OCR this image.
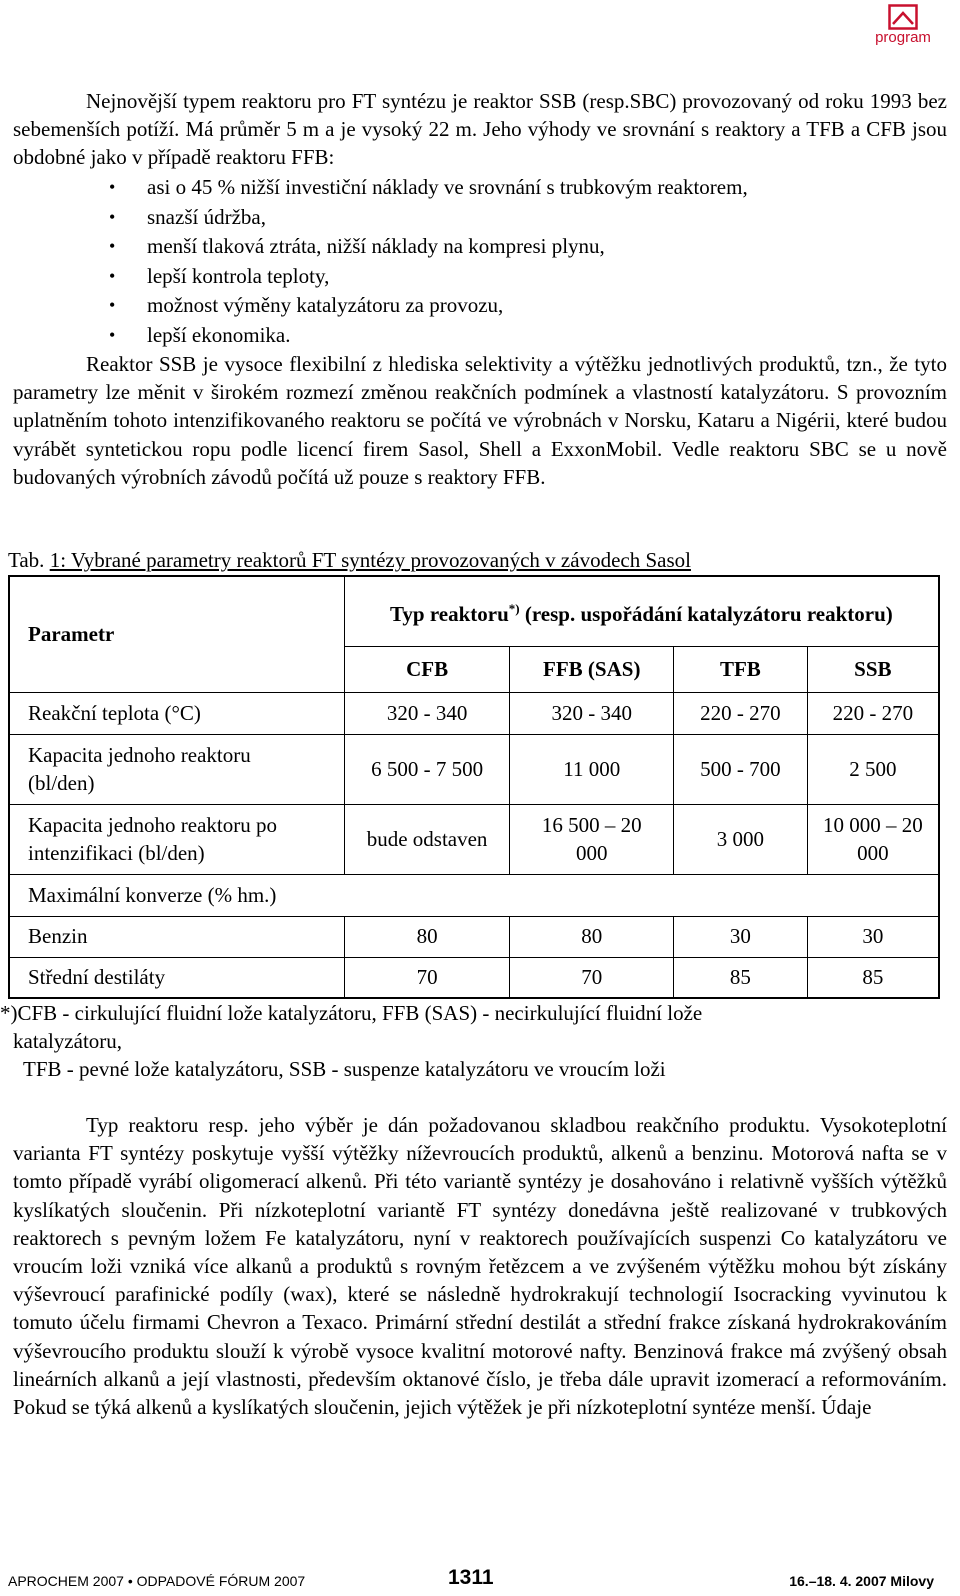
program

Nejnovější typem reaktoru pro FT syntézu je reaktor SSB (resp.SBC) provozovaný od roku 1993 bez sebemenších potíží. Má průměr 5 m a je vysoký 22 m. Jeho výhody ve srovnání s reaktory a TFB a CFB jsou obdobné jako v případě reaktoru FFB:

• asi o 45 % nižší investiční náklady ve srovnání s trubkovým reaktorem,
• snazší údržba,
• menší tlaková ztráta, nižší náklady na kompresi plynu,
• lepší kontrola teploty,
• možnost výměny katalyzátoru za provozu,
• lepší ekonomika.

Reaktor SSB je vysoce flexibilní z hlediska selektivity a výtěžku jednotlivých produktů, tzn., že tyto parametry lze měnit v širokém rozmezí změnou reakčních podmínek a vlastností katalyzátoru. S provozním uplatněním tohoto intenzifikovaného reaktoru se počítá ve výrobnách v Norsku, Kataru a Nigérii, které budou vyrábět syntetickou ropu podle licencí firem Sasol, Shell a ExxonMobil. Vedle reaktoru SBC se u nově budovaných výrobních závodů počítá už pouze s reaktory FFB.

Tab. 1: Vybrané parametry reaktorů FT syntézy provozovaných v závodech Sasol
Parametr	Typ reaktoru*) (resp. uspořádání katalyzátoru reaktoru)			
	CFB	FFB (SAS)	TFB	SSB
Reakční teplota (°C)	320 - 340	320 - 340	220 - 270	220 - 270
Kapacita jednoho reaktoru (bl/den)	6 500 - 7 500	11 000	500 - 700	2 500
Kapacita jednoho reaktoru po intenzifikaci (bl/den)	bude odstaven	16 500 – 20 000	3 000	10 000 – 20 000
Maximální konverze (% hm.)				
Benzin	80	80	30	30
Střední destiláty	70	70	85	85
*)CFB - cirkulující fluidní lože katalyzátoru, FFB (SAS) - necirkulující fluidní lože
katalyzátoru,
TFB - pevné lože katalyzátoru, SSB - suspenze katalyzátoru ve vroucím loži

Typ reaktoru resp. jeho výběr je dán požadovanou skladbou reakčního produktu. Vysokoteplotní varianta FT syntézy poskytuje vyšší výtěžky níževroucích produktů, alkenů a benzinu. Motorová nafta se v tomto případě vyrábí oligomerací alkenů. Při této variantě syntézy je dosahováno i relativně vyšších výtěžků kyslíkatých sloučenin. Při nízkoteplotní variantě FT syntézy donedávna ještě realizované v trubkových reaktorech s pevným ložem Fe katalyzátoru, nyní v reaktorech používajících suspenzi Co katalyzátoru ve vroucím loži vzniká více alkanů a produktů s rovným řetězcem a ve zvýšeném výtěžku mohou být získány výševroucí parafinické podíly (wax), které se následně hydrokrakují technologií Isocracking vyvinutou k tomuto účelu firmami Chevron a Texaco. Primární střední destilát a střední frakce získaná hydrokrakováním výševroucího produktu slouží k výrobě vysoce kvalitní motorové nafty. Benzinová frakce má zvýšený obsah lineárních alkanů a její vlastnosti, především oktanové číslo, je třeba dále upravit izomerací a reformováním. Pokud se týká alkenů a kyslíkatých sloučenin, jejich výtěžek je při nízkoteplotní syntéze menší. Údaje

APROCHEM 2007 • ODPADOVÉ FÓRUM 2007	1311	16.–18. 4. 2007 Milovy
